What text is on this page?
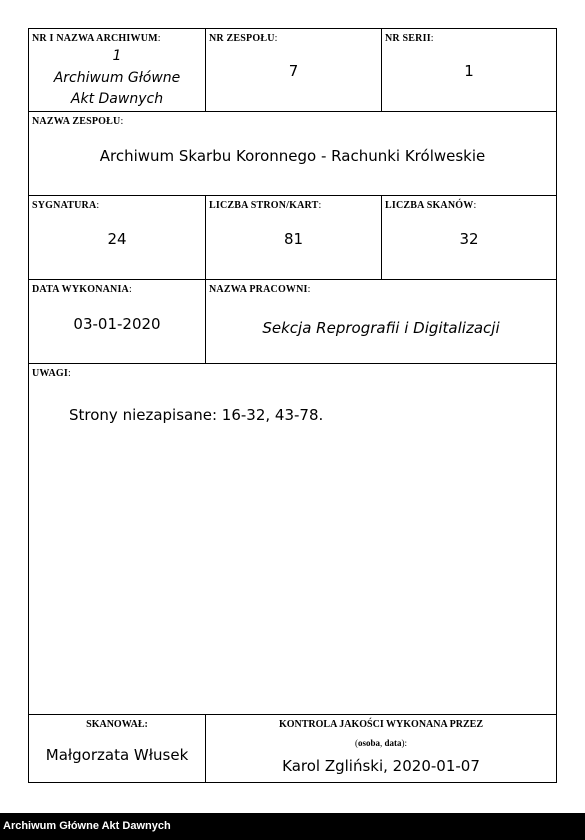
NR I NAZWA ARCHIWUM:
1
Archiwum Główne
Akt Dawnych
NR ZESPOŁU:
7
NR SERII:
1
NAZWA ZESPOŁU:
Archiwum Skarbu Koronnego - Rachunki Królweskie
SYGNATURA:
24
LICZBA STRON/KART:
81
LICZBA SKANÓW:
32
DATA WYKONANIA:
03-01-2020
NAZWA PRACOWNI:
Sekcja Reprografii i Digitalizacji
UWAGI:
Strony niezapisane: 16-32, 43-78.
SKANOWAŁ:
Małgorzata Włusek
KONTROLA JAKOŚCI WYKONANA PRZEZ
(osoba, data):
Karol Zgliński, 2020-01-07
Archiwum Główne Akt Dawnych
